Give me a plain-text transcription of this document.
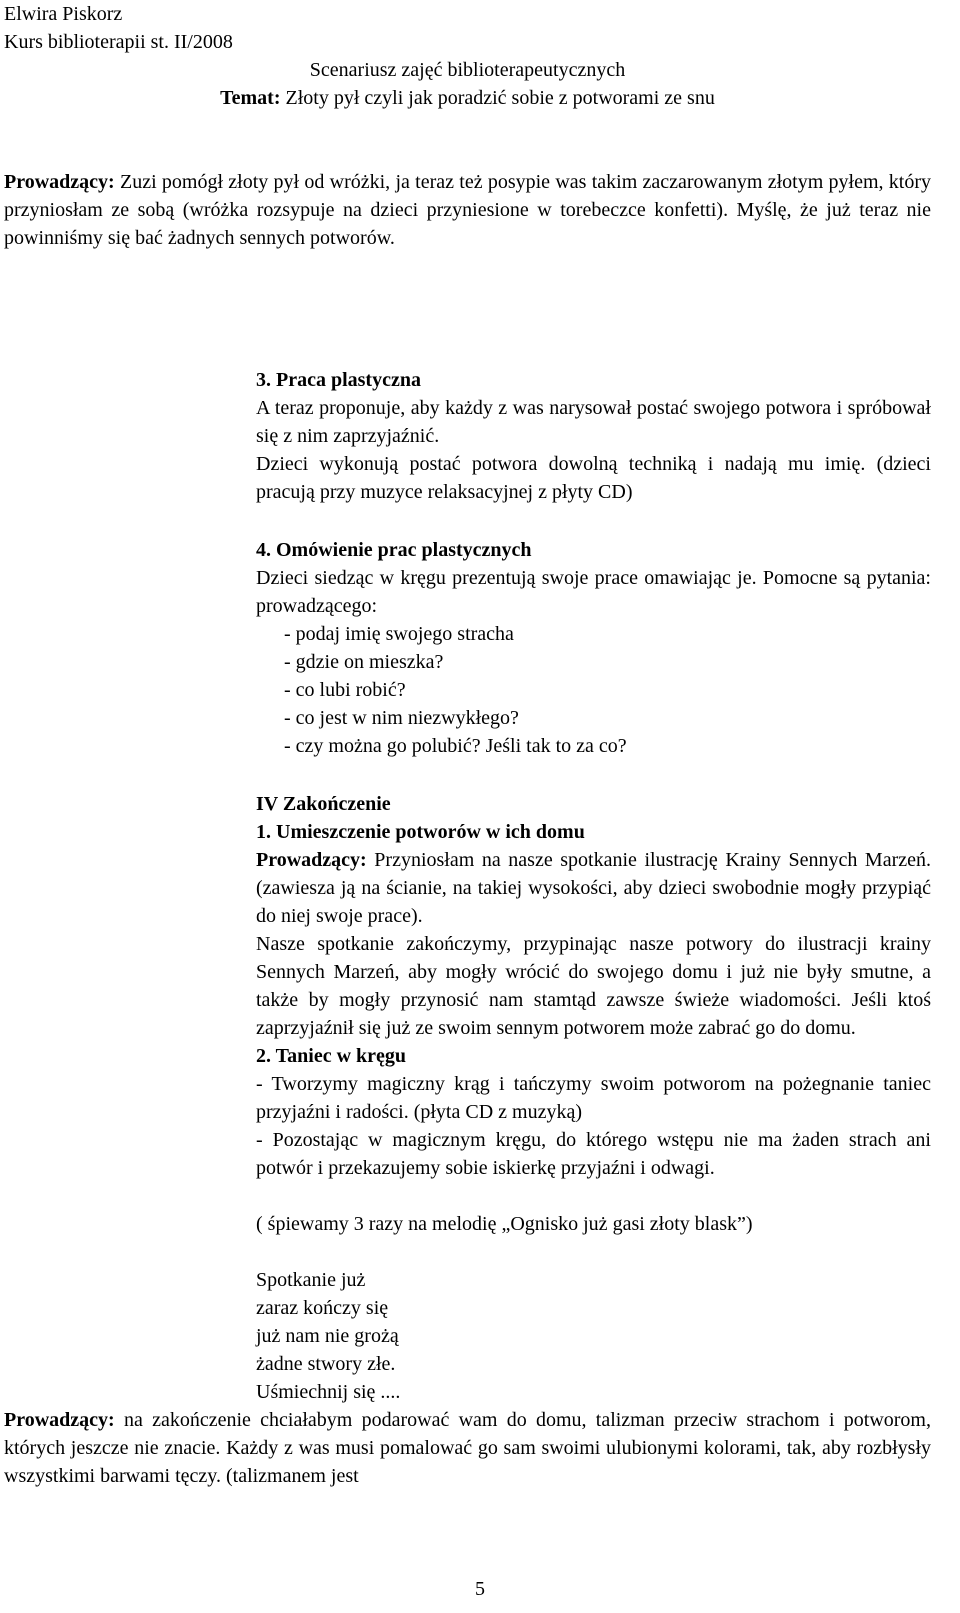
Elwira Piskorz

Kurs biblioterapii st. II/2008

Scenariusz zajęć biblioterapeutycznych

Temat: Złoty pył czyli jak poradzić sobie z potworami ze snu

Prowadzący: Zuzi pomógł złoty pył od wróżki, ja teraz też posypie was takim zaczarowanym złotym pyłem, który przyniosłam ze sobą (wróżka rozsypuje na dzieci przyniesione w torebeczce konfetti). Myślę, że już teraz nie powinniśmy się bać żadnych sennych potworów.

3. Praca plastyczna

A teraz proponuje, aby każdy z was narysował postać swojego potwora i spróbował się z nim zaprzyjaźnić.

Dzieci wykonują postać potwora dowolną techniką i nadają mu imię. (dzieci pracują przy muzyce relaksacyjnej z płyty CD)

4. Omówienie prac plastycznych

Dzieci siedząc w kręgu prezentują swoje prace omawiając je. Pomocne są pytania: prowadzącego:

- podaj imię swojego stracha
- gdzie on mieszka?
- co lubi robić?
- co jest w nim niezwykłego?
- czy można go polubić? Jeśli tak to za co?

IV Zakończenie

1. Umieszczenie potworów w ich domu

Prowadzący: Przyniosłam na nasze spotkanie ilustrację Krainy Sennych Marzeń. (zawiesza ją na ścianie, na takiej wysokości, aby dzieci swobodnie mogły przypiąć do niej swoje prace).

Nasze spotkanie zakończymy, przypinając nasze potwory do ilustracji krainy Sennych Marzeń, aby mogły wrócić do swojego domu i już nie były smutne, a także by mogły przynosić nam stamtąd zawsze świeże wiadomości. Jeśli ktoś zaprzyjaźnił się już ze swoim sennym potworem może zabrać go do domu.

2. Taniec w kręgu

- Tworzymy magiczny krąg i tańczymy swoim potworom na pożegnanie taniec przyjaźni i radości. (płyta CD z muzyką)

- Pozostając w magicznym kręgu, do którego wstępu nie ma żaden strach ani potwór i przekazujemy sobie iskierkę przyjaźni i odwagi.

( śpiewamy 3 razy na melodię „Ognisko już gasi złoty blask”)

Spotkanie już

zaraz kończy się

już nam nie grożą

żadne stwory złe.

Uśmiechnij się ....

Prowadzący: na zakończenie chciałabym podarować wam do domu, talizman przeciw strachom i potworom, których jeszcze nie znacie. Każdy z was musi pomalować go sam swoimi ulubionymi kolorami, tak, aby rozbłysły wszystkimi barwami tęczy. (talizmanem jest

5
